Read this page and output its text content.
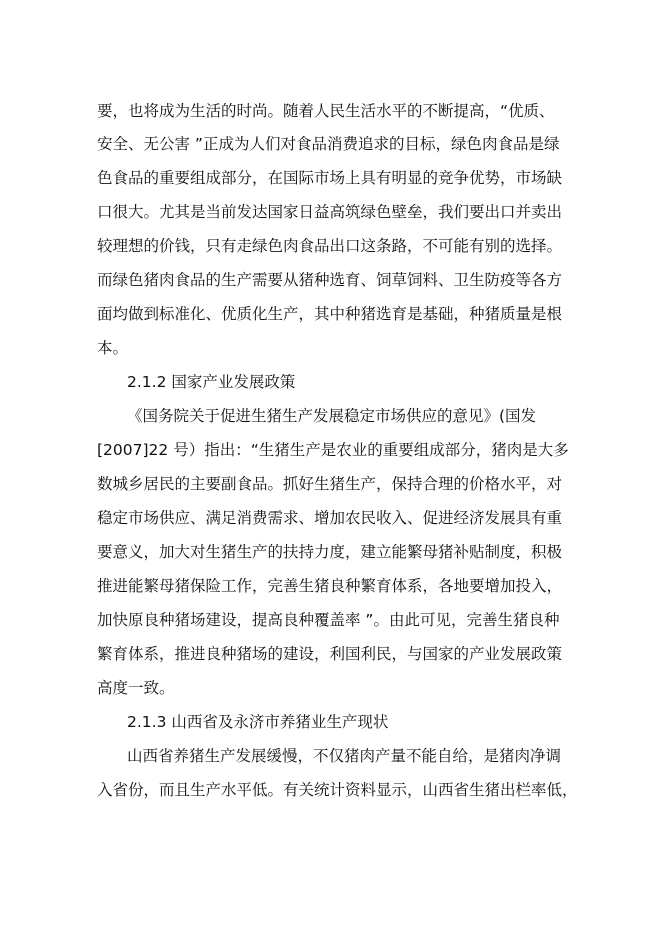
要，也将成为生活的时尚。随着人民生活水平的不断提高，“优质、
安全、无公害 ”正成为人们对食品消费追求的目标，绿色肉食品是绿
色食品的重要组成部分，在国际市场上具有明显的竞争优势，市场缺
口很大。尤其是当前发达国家日益高筑绿色壁垒，我们要出口并卖出
较理想的价钱，只有走绿色肉食品出口这条路，不可能有别的选择。
而绿色猪肉食品的生产需要从猪种选育、饲草饲料、卫生防疫等各方
面均做到标准化、优质化生产，其中种猪选育是基础，种猪质量是根
本。
2.1.2 国家产业发展政策
《国务院关于促进生猪生产发展稳定市场供应的意见》(国发
[2007]22 号）指出：“生猪生产是农业的重要组成部分，猪肉是大多
数城乡居民的主要副食品。抓好生猪生产，保持合理的价格水平，对
稳定市场供应、满足消费需求、增加农民收入、促进经济发展具有重
要意义，加大对生猪生产的扶持力度，建立能繁母猪补贴制度，积极
推进能繁母猪保险工作，完善生猪良种繁育体系，各地要增加投入，
加快原良种猪场建设，提高良种覆盖率 ”。由此可见，完善生猪良种
繁育体系，推进良种猪场的建设，利国利民，与国家的产业发展政策
高度一致。
2.1.3 山西省及永济市养猪业生产现状
山西省养猪生产发展缓慢，不仅猪肉产量不能自给，是猪肉净调
入省份，而且生产水平低。有关统计资料显示，山西省生猪出栏率低，
